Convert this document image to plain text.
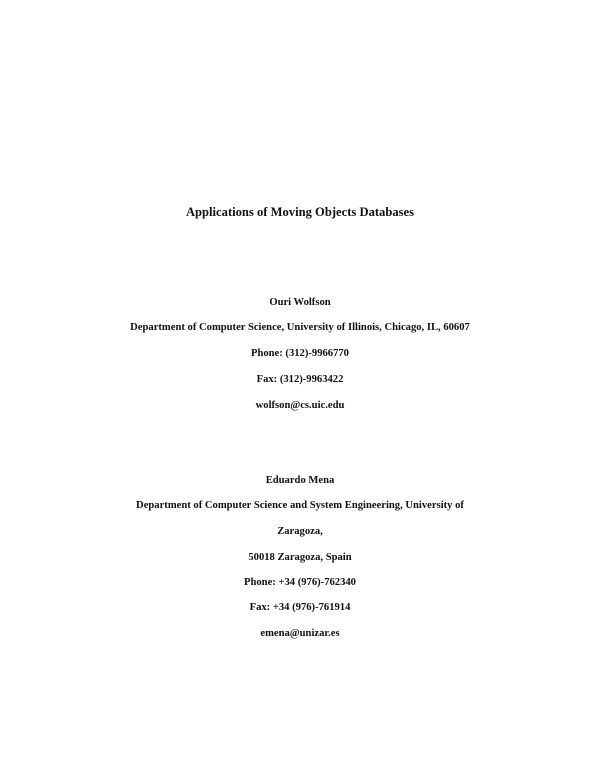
Applications of Moving Objects Databases
Ouri Wolfson
Department of Computer Science, University of Illinois, Chicago, IL, 60607
Phone: (312)-9966770
Fax: (312)-9963422
wolfson@cs.uic.edu
Eduardo Mena
Department of Computer Science and System Engineering, University of
Zaragoza,
50018 Zaragoza, Spain
Phone: +34 (976)-762340
Fax: +34 (976)-761914
emena@unizar.es
